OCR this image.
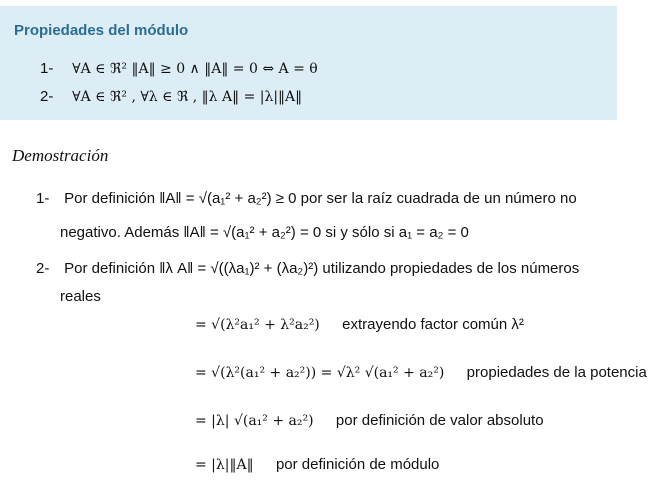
Propiedades del módulo
1- ∀A ∈ ℜ² ‖A‖ ≥ 0 ∧ ‖A‖ = 0 ⇔ A = θ
2- ∀A ∈ ℜ² , ∀λ ∈ ℜ , ‖λ A‖ = |λ|‖A‖
Demostración
1- Por definición ‖A‖ = √(a₁² + a₂²) ≥ 0 por ser la raíz cuadrada de un número no
negativo. Además ‖A‖ = √(a₁² + a₂²) = 0 si y sólo si a₁ = a₂ = 0
2- Por definición ‖λ A‖ = √((λa₁)² + (λa₂)²) utilizando propiedades de los números
reales
= √(λ²a₁² + λ²a₂²) extrayendo factor común λ²
= √(λ²(a₁² + a₂²)) = √λ² √(a₁² + a₂²) propiedades de la potencia
= |λ| √(a₁² + a₂²) por definición de valor absoluto
= |λ|‖A‖ por definición de módulo
